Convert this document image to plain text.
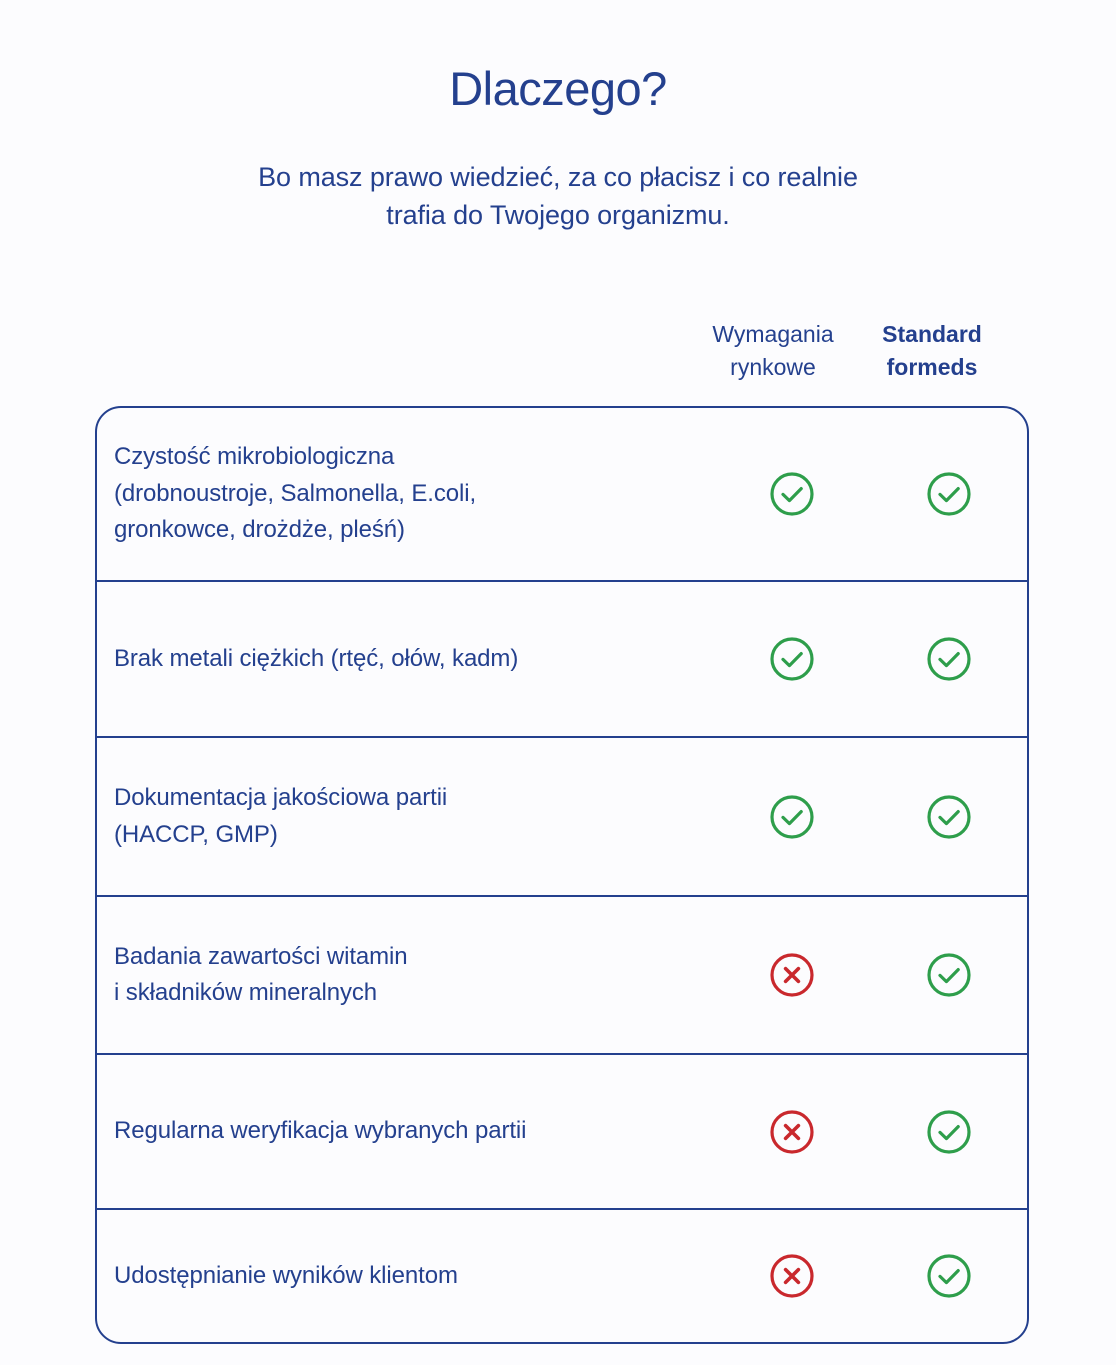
Dlaczego?

Bo masz prawo wiedzieć, za co płacisz i co realnie
trafia do Twojego organizmu.

Wymagania
rynkowe
Standard
formeds
Czystość mikrobiologiczna
(drobnoustroje, Salmonella, E.coli,
gronkowce, drożdże, pleśń)
Brak metali ciężkich (rtęć, ołów, kadm)
Dokumentacja jakościowa partii
(HACCP, GMP)
Badania zawartości witamin
i składników mineralnych
Regularna weryfikacja wybranych partii
Udostępnianie wyników klientom
